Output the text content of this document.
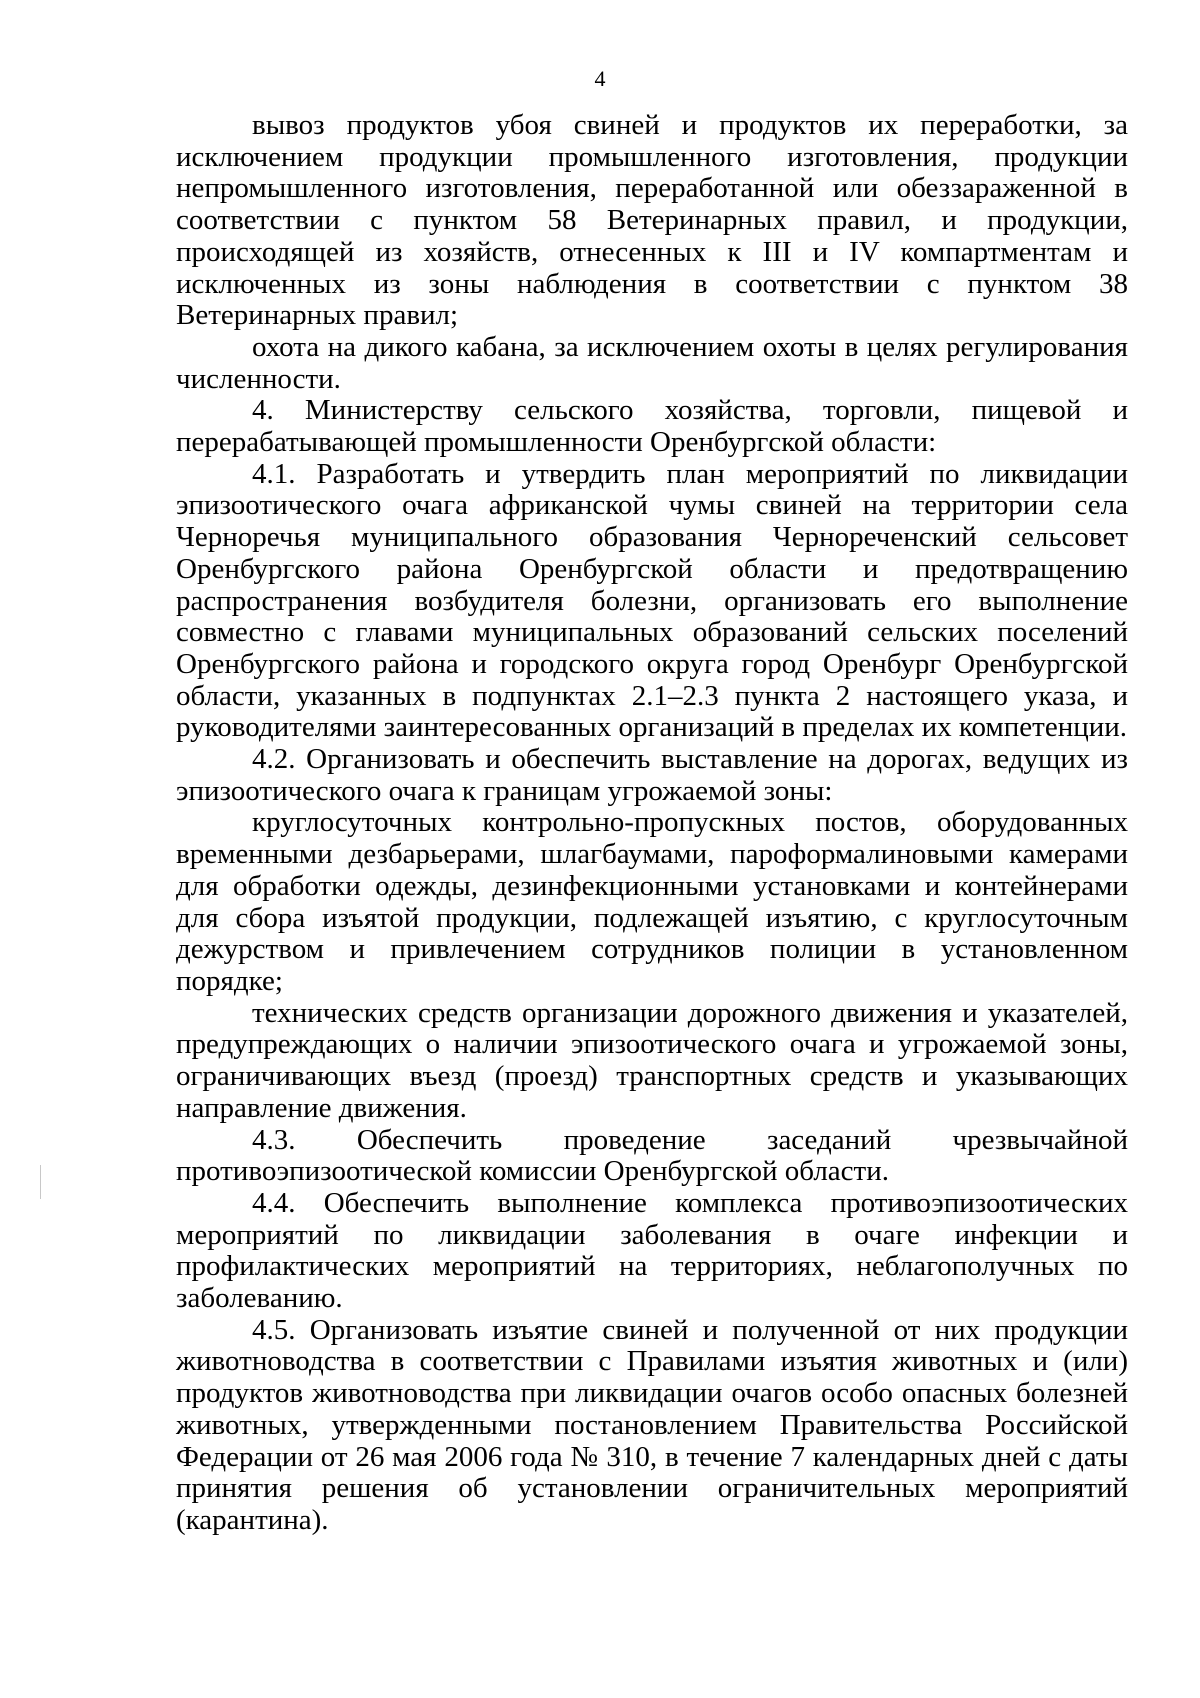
4

вывоз продуктов убоя свиней и продуктов их переработки, за исключением продукции промышленного изготовления, продукции непромышленного изготовления, переработанной или обеззараженной в соответствии с пунктом 58 Ветеринарных правил, и продукции, происходящей из хозяйств, отнесенных к III и IV компартментам и исключенных из зоны наблюдения в соответствии с пунктом 38 Ветеринарных правил;

охота на дикого кабана, за исключением охоты в целях регулирования численности.

4. Министерству сельского хозяйства, торговли, пищевой и перерабатывающей промышленности Оренбургской области:

4.1. Разработать и утвердить план мероприятий по ликвидации эпизоотического очага африканской чумы свиней на территории села Черноречья муниципального образования Чернореченский сельсовет Оренбургского района Оренбургской области и предотвращению распространения возбудителя болезни, организовать его выполнение совместно с главами муниципальных образований сельских поселений Оренбургского района и городского округа город Оренбург Оренбургской области, указанных в подпунктах 2.1–2.3 пункта 2 настоящего указа, и руководителями заинтересованных организаций в пределах их компетенции.

4.2. Организовать и обеспечить выставление на дорогах, ведущих из эпизоотического очага к границам угрожаемой зоны:

круглосуточных контрольно-пропускных постов, оборудованных временными дезбарьерами, шлагбаумами, пароформалиновыми камерами для обработки одежды, дезинфекционными установками и контейнерами для сбора изъятой продукции, подлежащей изъятию, с круглосуточным дежурством и привлечением сотрудников полиции в установленном порядке;

технических средств организации дорожного движения и указателей, предупреждающих о наличии эпизоотического очага и угрожаемой зоны, ограничивающих въезд (проезд) транспортных средств и указывающих направление движения.

4.3. Обеспечить проведение заседаний чрезвычайной противоэпизоотической комиссии Оренбургской области.

4.4. Обеспечить выполнение комплекса противоэпизоотических мероприятий по ликвидации заболевания в очаге инфекции и профилактических мероприятий на территориях, неблагополучных по заболеванию.

4.5. Организовать изъятие свиней и полученной от них продукции животноводства в соответствии с Правилами изъятия животных и (или) продуктов животноводства при ликвидации очагов особо опасных болезней животных, утвержденными постановлением Правительства Российской Федерации от 26 мая 2006 года № 310, в течение 7 календарных дней с даты принятия решения об установлении ограничительных мероприятий (карантина).
